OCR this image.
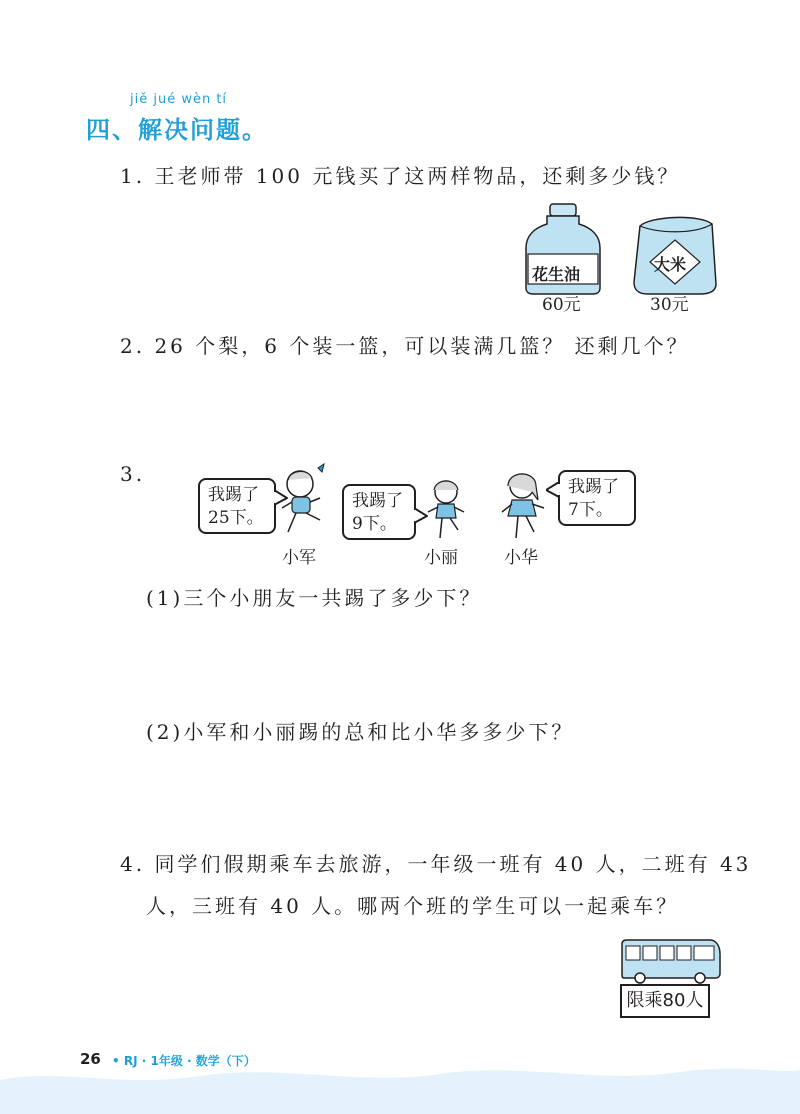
jiě jué wèn tí
四、解决问题。
1. 王老师带 100 元钱买了这两样物品，还剩多少钱？
花生油
大米
60元	30元
2. 26 个梨，6 个装一篮，可以装满几篮？ 还剩几个？
3.
我踢了
25下。
我踢了
9下。
我踢了
7下。
小军	小丽	小华
(1)三个小朋友一共踢了多少下？
(2)小军和小丽踢的总和比小华多多少下？
4. 同学们假期乘车去旅游，一年级一班有 40 人，二班有 43
人，三班有 40 人。哪两个班的学生可以一起乘车？
限乘80人
26 • RJ · 1年级 · 数学（下）
